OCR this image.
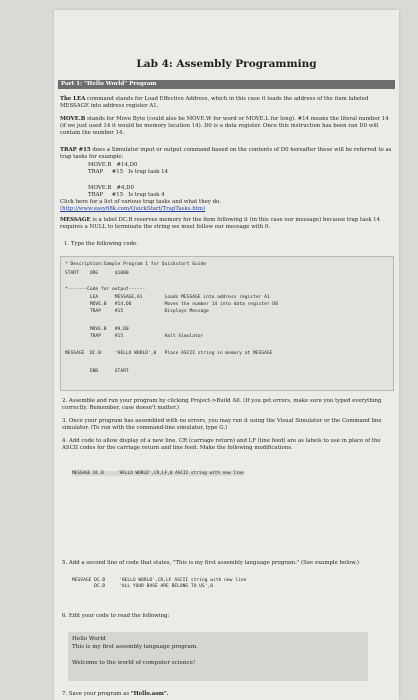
Lab 4: Assembly Programming
Part 1: "Hello World" Program
The LEA command stands for Load Effective Address, which in this case it loads the address of the item labeled MESSAGE into address register A1.
MOVE.B stands for Move Byte (could also be MOVE.W for word or MOVE.L for long). #14 means the literal number 14 (if we just used 14 it would be memory location 14). D0 is a data register. Once this instruction has been ran D0 will contain the number 14.
TRAP #15 does a Simulator input or output command based on the contents of D0 hereafter these will be referred to as trap tasks for example:
MOVE.B   #14,D0
TRAP     #15   Is trap task 14
MOVE.B   #4,D0
TRAP     #15   Is trap task 4
Click here for a list of various trap tasks and what they do.
(http://www.easy68k.com/QuickStart/TrapTasks.htm)
MESSAGE is a label DC.B reserves memory for the item following it (in this case our message) because trap task 14 requires a NULL to terminate the string we must follow our message with 0.
1. Type the following code.
* Description:Sample Program 1 for Quickstart Guide
START    ORG      $1000
*-------Code for output------
LEA      MESSAGE,A1        Loads MESSAGE into address register A1
MOVE.B   #14,D0            Moves the number 14 into data register D0
TRAP     #15               Displays Message
MOVE.B   #9,D0
TRAP     #15               Halt Simulator
MESSAGE  DC.B     'HELLO WORLD',0   Place ASCII string in memory at MESSAGE
END      START
2. Assemble and run your program by clicking Project->Build All. (If you get errors, make sure you typed everything correctly. Remember, case doesn't matter.)
3. Once your program has assembled with no errors, you may run it using the Visual Simulator or the Command line simulator. (To run with the command-line simulator, type G.)
4. Add code to allow display of a new line. CR (carriage return) and LF (line feed) are as labels to use in place of the ASCII codes for the carriage return and line feed. Make the following modifications.
MESSAGE DC.B     'HELLO WORLD',CR,LF,0 ASCII string with new line
5. Add a second line of code that states, "This is my first assembly language program." (See example below.)
MESSAGE DC.B     'HELLO WORLD',CR,LF ASCII string with new line
DC.B     'ALL YOUR BASE ARE BELONG TO US',0
6. Edit your code to read the following:
Hello World
This is my first assembly language program.
Welcome to the world of computer science!
7. Save your program as "Hello.asm".
